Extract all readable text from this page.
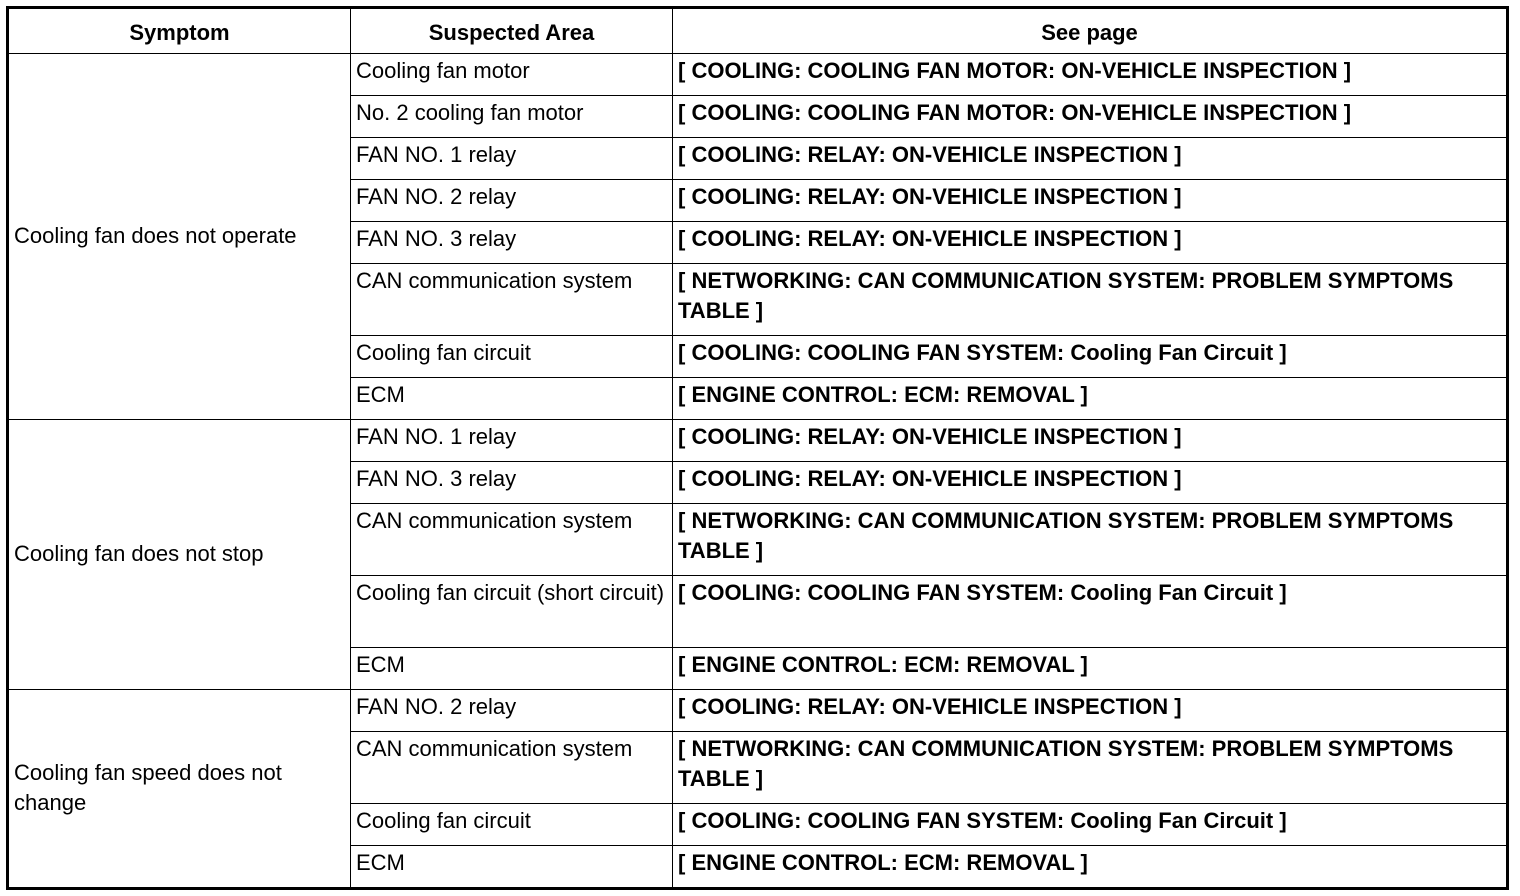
Symptom	Suspected Area	See page
Cooling fan does not operate	Cooling fan motor	[ COOLING: COOLING FAN MOTOR: ON-VEHICLE INSPECTION ]
	No. 2 cooling fan motor	[ COOLING: COOLING FAN MOTOR: ON-VEHICLE INSPECTION ]
	FAN NO. 1 relay	[ COOLING: RELAY: ON-VEHICLE INSPECTION ]
	FAN NO. 2 relay	[ COOLING: RELAY: ON-VEHICLE INSPECTION ]
	FAN NO. 3 relay	[ COOLING: RELAY: ON-VEHICLE INSPECTION ]
	CAN communication system	[ NETWORKING: CAN COMMUNICATION SYSTEM: PROBLEM SYMPTOMS TABLE ]
	Cooling fan circuit	[ COOLING: COOLING FAN SYSTEM: Cooling Fan Circuit ]
	ECM	[ ENGINE CONTROL: ECM: REMOVAL ]
Cooling fan does not stop	FAN NO. 1 relay	[ COOLING: RELAY: ON-VEHICLE INSPECTION ]
	FAN NO. 3 relay	[ COOLING: RELAY: ON-VEHICLE INSPECTION ]
	CAN communication system	[ NETWORKING: CAN COMMUNICATION SYSTEM: PROBLEM SYMPTOMS TABLE ]
	Cooling fan circuit (short circuit)	[ COOLING: COOLING FAN SYSTEM: Cooling Fan Circuit ]
	ECM	[ ENGINE CONTROL: ECM: REMOVAL ]
Cooling fan speed does not change	FAN NO. 2 relay	[ COOLING: RELAY: ON-VEHICLE INSPECTION ]
	CAN communication system	[ NETWORKING: CAN COMMUNICATION SYSTEM: PROBLEM SYMPTOMS TABLE ]
	Cooling fan circuit	[ COOLING: COOLING FAN SYSTEM: Cooling Fan Circuit ]
	ECM	[ ENGINE CONTROL: ECM: REMOVAL ]
